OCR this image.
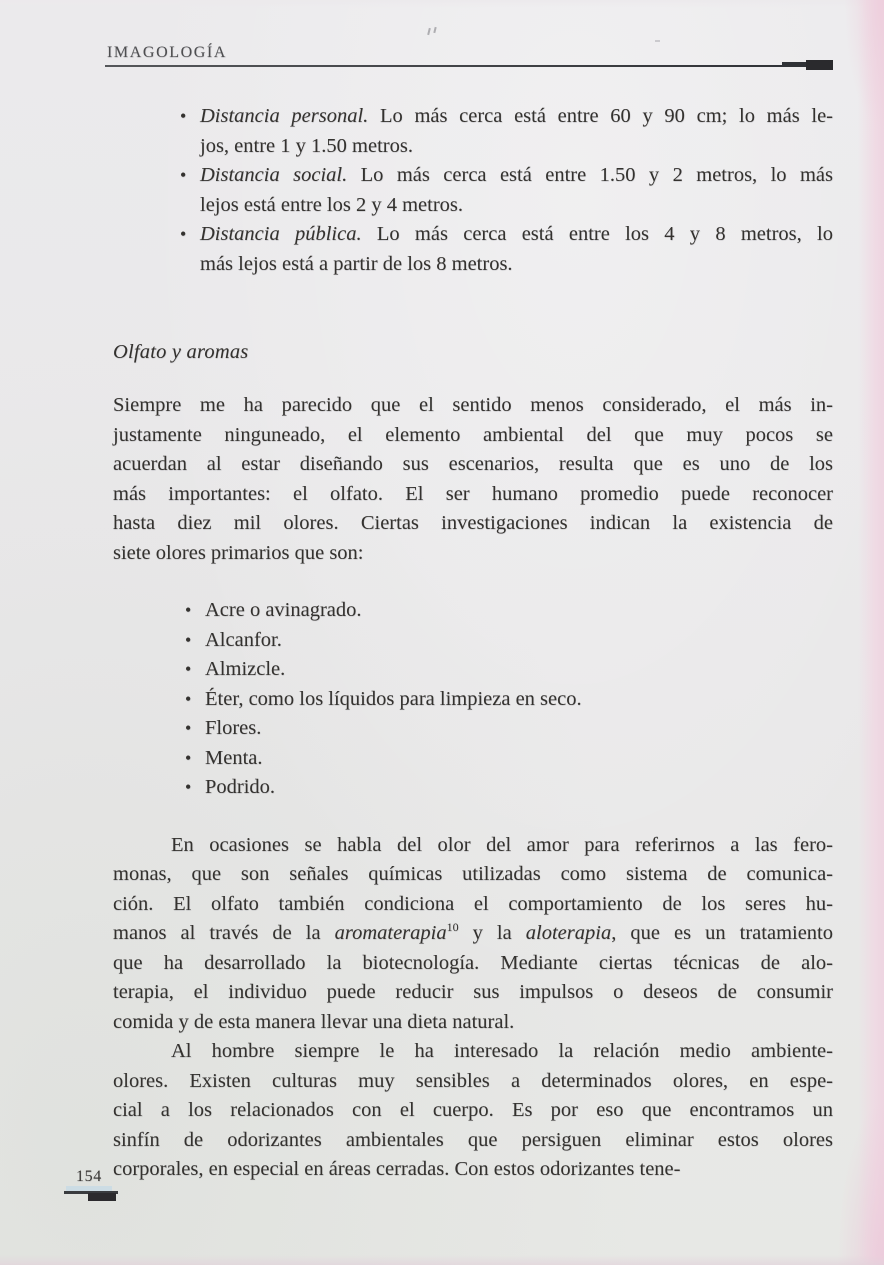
IMAGOLOGÍA
• Distancia personal. Lo más cerca está entre 60 y 90 cm; lo más le-
jos, entre 1 y 1.50 metros.
• Distancia social. Lo más cerca está entre 1.50 y 2 metros, lo más
lejos está entre los 2 y 4 metros.
• Distancia pública. Lo más cerca está entre los 4 y 8 metros, lo
más lejos está a partir de los 8 metros.
Olfato y aromas
Siempre me ha parecido que el sentido menos considerado, el más in-
justamente ninguneado, el elemento ambiental del que muy pocos se
acuerdan al estar diseñando sus escenarios, resulta que es uno de los
más importantes: el olfato. El ser humano promedio puede reconocer
hasta diez mil olores. Ciertas investigaciones indican la existencia de
siete olores primarios que son:
• Acre o avinagrado.
• Alcanfor.
• Almizcle.
• Éter, como los líquidos para limpieza en seco.
• Flores.
• Menta.
• Podrido.
En ocasiones se habla del olor del amor para referirnos a las fero-
monas, que son señales químicas utilizadas como sistema de comunica-
ción. El olfato también condiciona el comportamiento de los seres hu-
manos al través de la aromaterapia$^{10}$ y la aloterapia, que es un tratamiento
que ha desarrollado la biotecnología. Mediante ciertas técnicas de alo-
terapia, el individuo puede reducir sus impulsos o deseos de consumir
comida y de esta manera llevar una dieta natural.
Al hombre siempre le ha interesado la relación medio ambiente-
olores. Existen culturas muy sensibles a determinados olores, en espe-
cial a los relacionados con el cuerpo. Es por eso que encontramos un
sinfín de odorizantes ambientales que persiguen eliminar estos olores
corporales, en especial en áreas cerradas. Con estos odorizantes tene-
154
